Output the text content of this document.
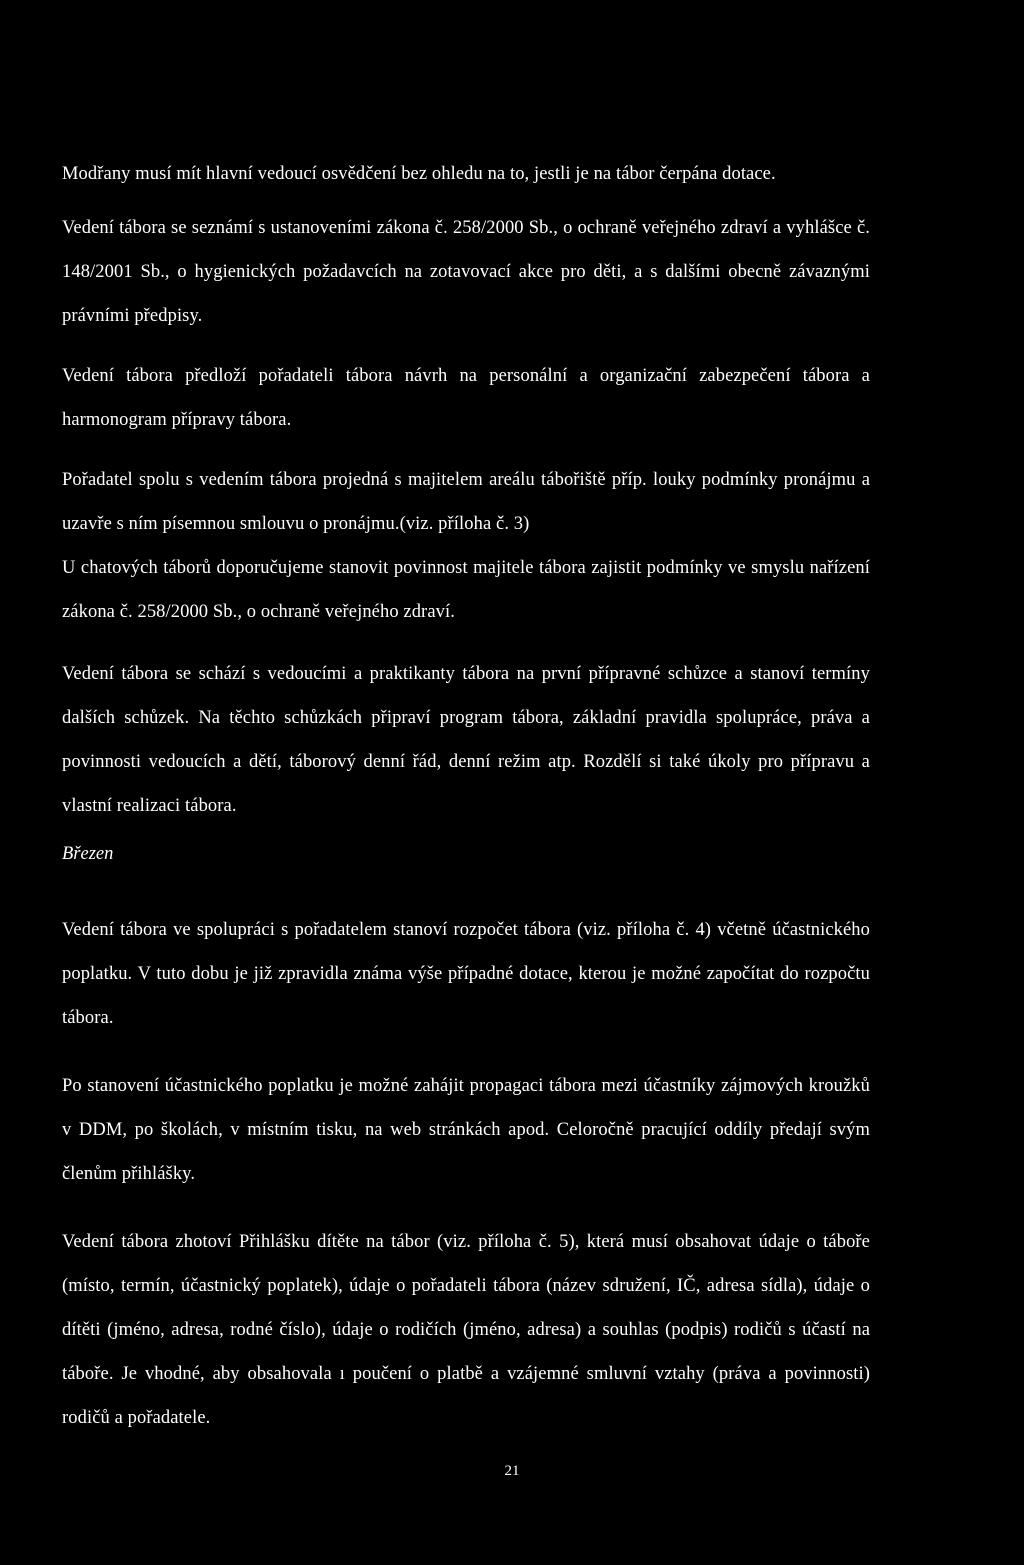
Modřany musí mít hlavní vedoucí osvědčení bez ohledu na to, jestli je na tábor čerpána dotace.

Vedení tábora se seznámí s ustanoveními zákona č. 258/2000 Sb., o ochraně veřejného zdraví a vyhlášce č. 148/2001 Sb., o hygienických požadavcích na zotavovací akce pro děti, a s dalšími obecně závaznými právními předpisy.

Vedení tábora předloží pořadateli tábora návrh na personální a organizační zabezpečení tábora a harmonogram přípravy tábora.

Pořadatel spolu s vedením tábora projedná s majitelem areálu tábořiště příp. louky podmínky pronájmu a uzavře s ním písemnou smlouvu o pronájmu.(viz. příloha č. 3)

U chatových táborů doporučujeme stanovit povinnost majitele tábora zajistit podmínky ve smyslu nařízení zákona č. 258/2000 Sb., o ochraně veřejného zdraví.

Vedení tábora se schází s vedoucími a praktikanty tábora na první přípravné schůzce a stanoví termíny dalších schůzek. Na těchto schůzkách připraví program tábora, základní pravidla spolupráce, práva a povinnosti vedoucích a dětí, táborový denní řád, denní režim atp. Rozdělí si také úkoly pro přípravu a vlastní realizaci tábora.

Březen

Vedení tábora ve spolupráci s pořadatelem stanoví rozpočet tábora (viz. příloha č. 4) včetně účastnického poplatku. V tuto dobu je již zpravidla známa výše případné dotace, kterou je možné započítat do rozpočtu tábora.

Po stanovení účastnického poplatku je možné zahájit propagaci tábora mezi účastníky zájmových kroužků v DDM, po školách, v místním tisku, na web stránkách apod. Celoročně pracující oddíly předají svým členům přihlášky.

Vedení tábora zhotoví Přihlášku dítěte na tábor (viz. příloha č. 5), která musí obsahovat údaje o táboře (místo, termín, účastnický poplatek), údaje o pořadateli tábora (název sdružení, IČ, adresa sídla), údaje o dítěti (jméno, adresa, rodné číslo), údaje o rodičích (jméno, adresa) a souhlas (podpis) rodičů s účastí na táboře. Je vhodné, aby obsahovala ı poučení o platbě a vzájemné smluvní vztahy (práva a povinnosti) rodičů a pořadatele.

21
